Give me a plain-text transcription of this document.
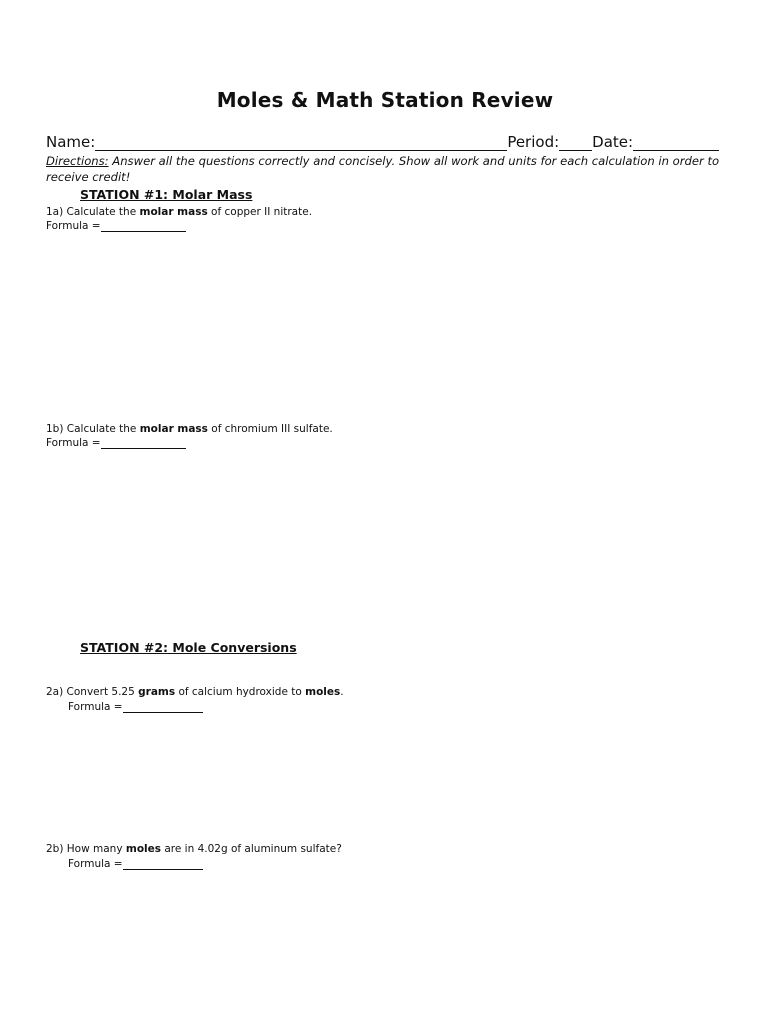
Moles & Math Station Review
Name:	Period: Date:
Directions: Answer all the questions correctly and concisely. Show all work and units for each calculation in order to receive credit!
STATION #1: Molar Mass
1a) Calculate the molar mass of copper II nitrate.
Formula =
1b) Calculate the molar mass of chromium III sulfate.
Formula =
STATION #2: Mole Conversions
2a) Convert 5.25 grams of calcium hydroxide to moles.
Formula =
2b) How many moles are in 4.02g of aluminum sulfate?
Formula =
